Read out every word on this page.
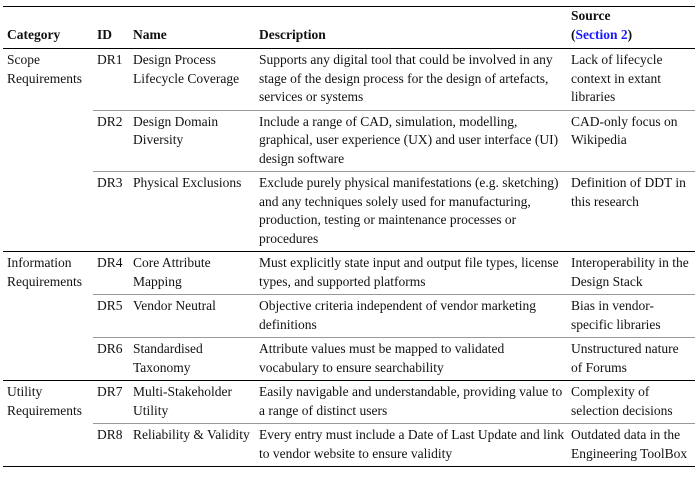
Category	ID	Name	Description	Source
(Section 2)

Scope Requirements	DR1	Design Process Lifecycle Coverage	Supports any digital tool that could be involved in any stage of the design process for the design of artefacts, services or systems	Lack of lifecycle context in extant libraries
	DR2	Design Domain Diversity	Include a range of CAD, simulation, modelling, graphical, user experience (UX) and user interface (UI) design software	CAD-only focus on Wikipedia
	DR3	Physical Exclusions	Exclude purely physical manifestations (e.g. sketching) and any techniques solely used for manufacturing, production, testing or maintenance processes or procedures	Definition of DDT in this research
Information Requirements	DR4	Core Attribute Mapping	Must explicitly state input and output file types, license types, and supported platforms	Interoperability in the Design Stack
	DR5	Vendor Neutral	Objective criteria independent of vendor marketing definitions	Bias in vendor-specific libraries
	DR6	Standardised Taxonomy	Attribute values must be mapped to validated vocabulary to ensure searchability	Unstructured nature of Forums
Utility Requirements	DR7	Multi-Stakeholder Utility	Easily navigable and understandable, providing value to a range of distinct users	Complexity of selection decisions
	DR8	Reliability & Validity	Every entry must include a Date of Last Update and link to vendor website to ensure validity	Outdated data in the Engineering ToolBox
